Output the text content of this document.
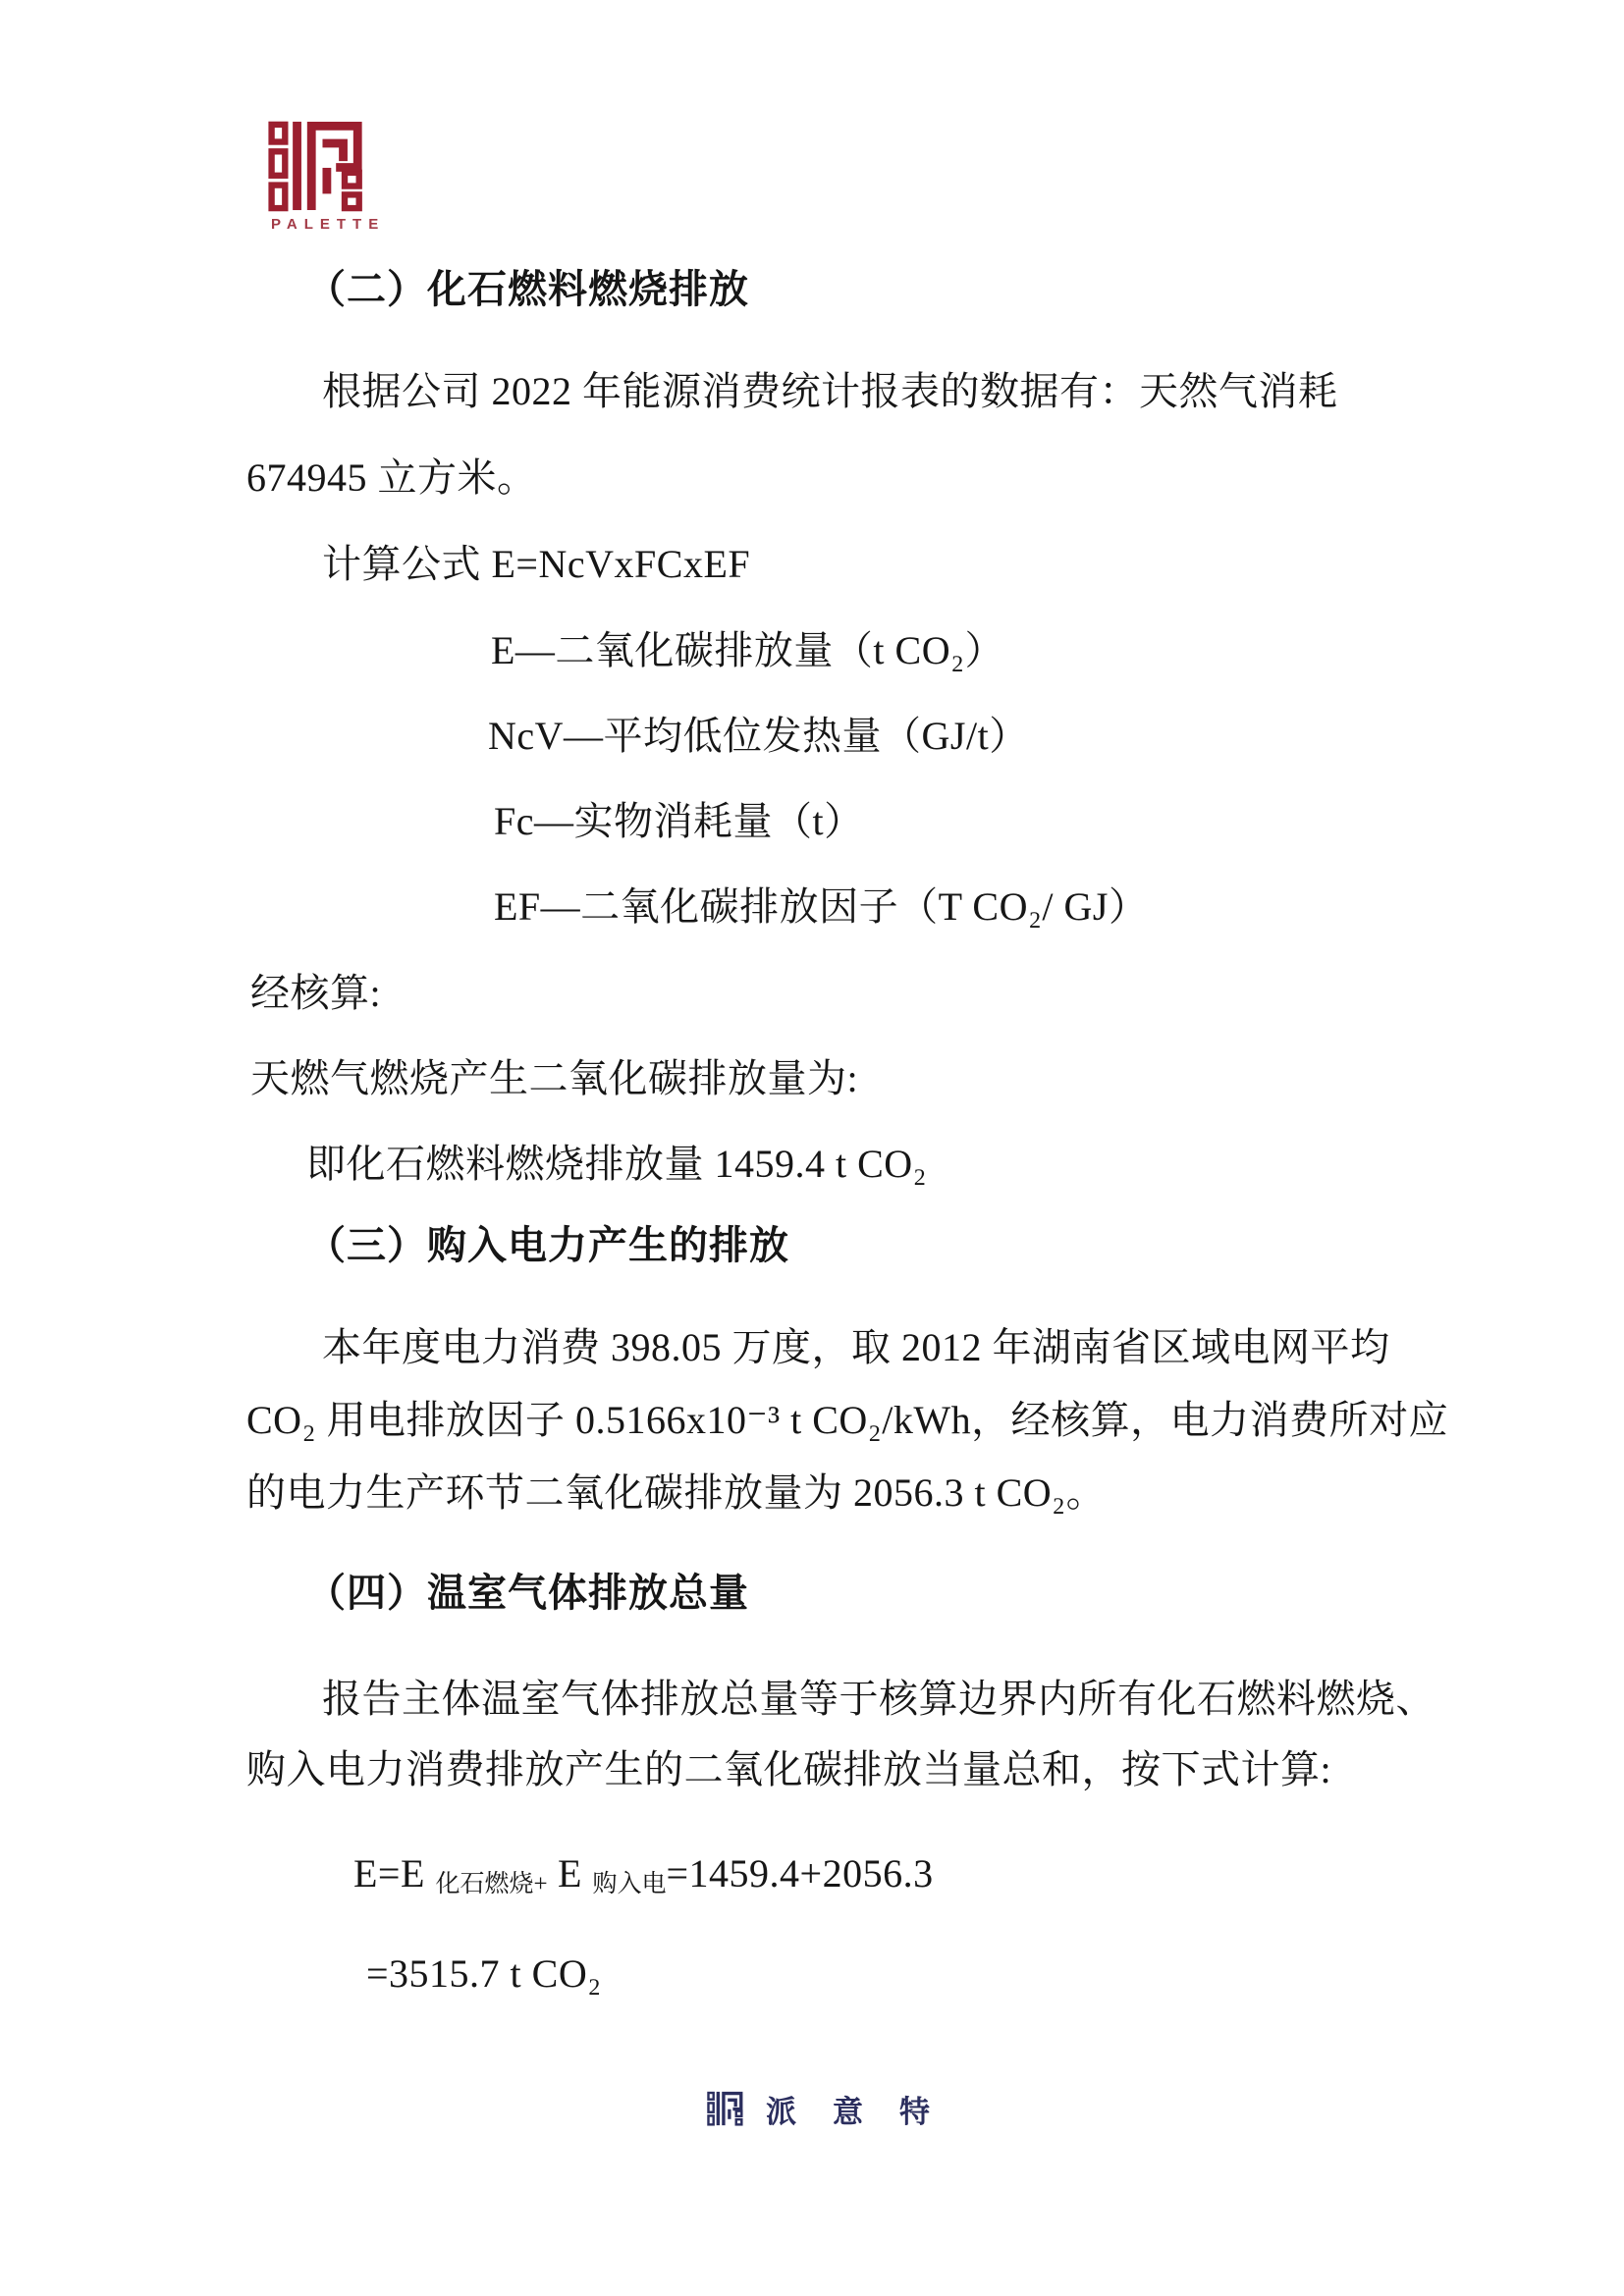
PALETTE
（二）化石燃料燃烧排放
根据公司 2022 年能源消费统计报表的数据有：天然气消耗
674945 立方米。
计算公式 E=NcVxFCxEF
E—二氧化碳排放量（t CO₂）
NcV—平均低位发热量（GJ/t）
Fc—实物消耗量（t）
EF—二氧化碳排放因子（T CO₂/ GJ）
经核算:
天燃气燃烧产生二氧化碳排放量为:
即化石燃料燃烧排放量 1459.4 t CO₂
（三）购入电力产生的排放
本年度电力消费 398.05 万度，取 2012 年湖南省区域电网平均
CO₂ 用电排放因子 0.5166x10⁻³ t CO₂/kWh，经核算，电力消费所对应
的电力生产环节二氧化碳排放量为 2056.3 t CO₂。
（四）温室气体排放总量
报告主体温室气体排放总量等于核算边界内所有化石燃料燃烧、
购入电力消费排放产生的二氧化碳排放当量总和，按下式计算:
E=E 化石燃烧+ E 购入电=1459.4+2056.3
=3515.7 t CO₂
派意特
